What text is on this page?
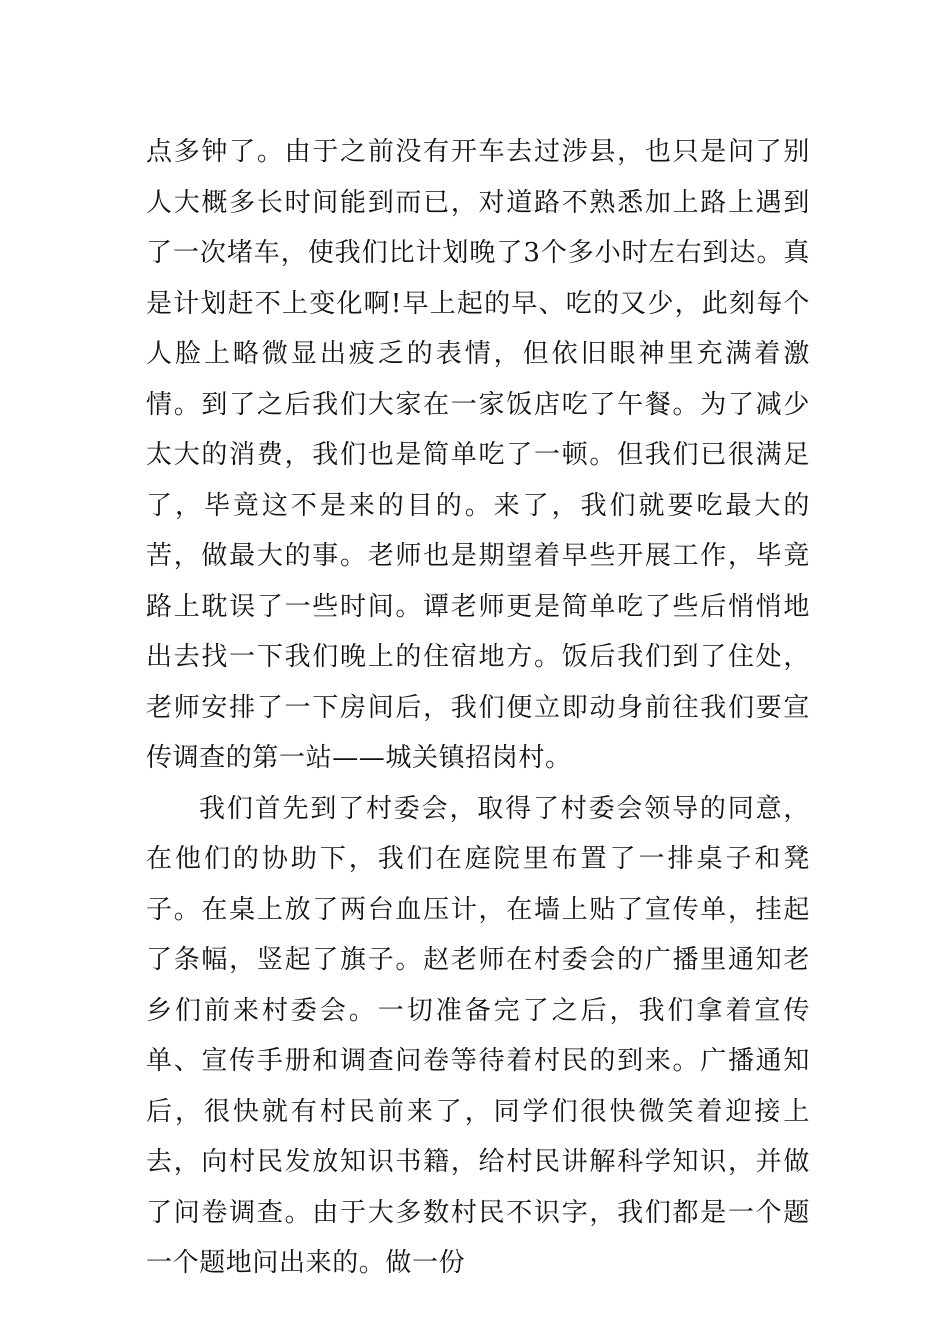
点多钟了。由于之前没有开车去过涉县，也只是问了别人大概多长时间能到而已，对道路不熟悉加上路上遇到了一次堵车，使我们比计划晚了3个多小时左右到达。真是计划赶不上变化啊!早上起的早、吃的又少，此刻每个人脸上略微显出疲乏的表情，但依旧眼神里充满着激情。到了之后我们大家在一家饭店吃了午餐。为了减少太大的消费，我们也是简单吃了一顿。但我们已很满足了，毕竟这不是来的目的。来了，我们就要吃最大的苦，做最大的事。老师也是期望着早些开展工作，毕竟路上耽误了一些时间。谭老师更是简单吃了些后悄悄地出去找一下我们晚上的住宿地方。饭后我们到了住处，老师安排了一下房间后，我们便立即动身前往我们要宣传调查的第一站——城关镇招岗村。

我们首先到了村委会，取得了村委会领导的同意，在他们的协助下，我们在庭院里布置了一排桌子和凳子。在桌上放了两台血压计，在墙上贴了宣传单，挂起了条幅，竖起了旗子。赵老师在村委会的广播里通知老乡们前来村委会。一切准备完了之后，我们拿着宣传单、宣传手册和调查问卷等待着村民的到来。广播通知后，很快就有村民前来了，同学们很快微笑着迎接上去，向村民发放知识书籍，给村民讲解科学知识，并做了问卷调查。由于大多数村民不识字，我们都是一个题一个题地问出来的。做一份
